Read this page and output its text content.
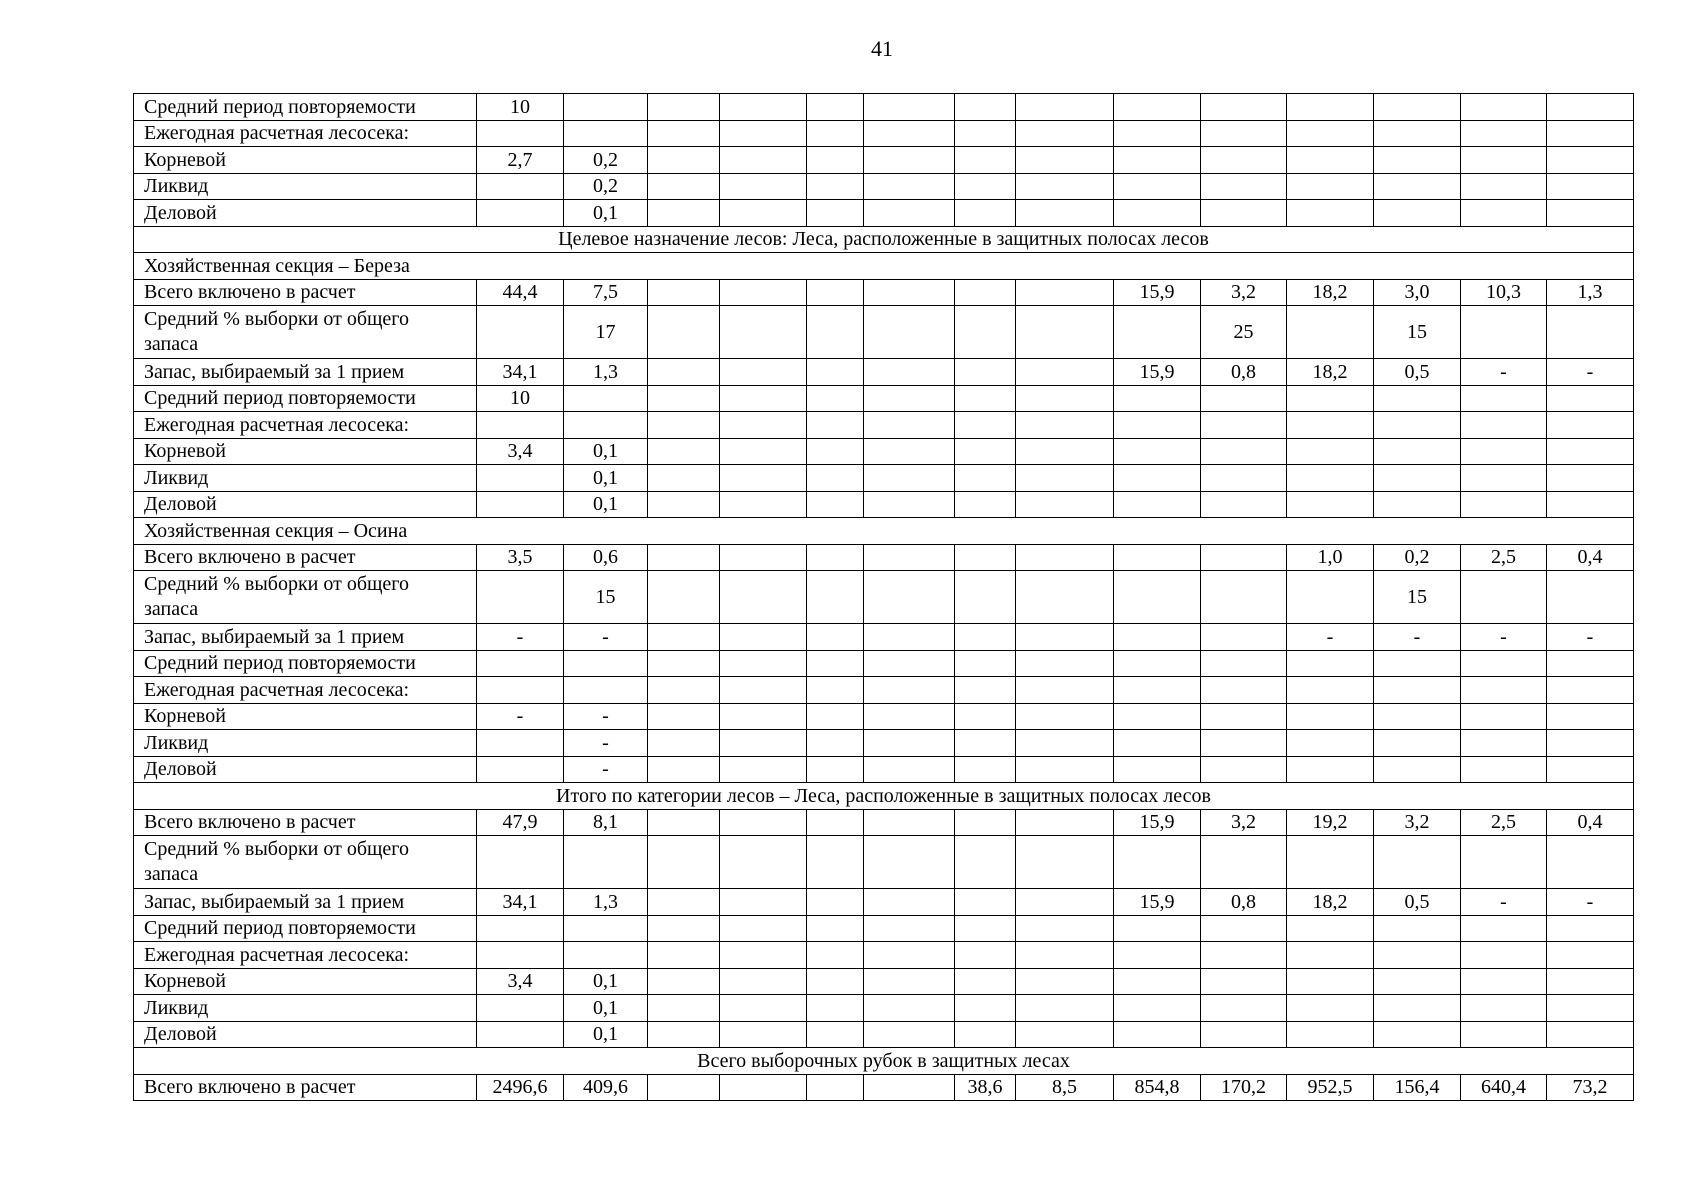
41
Средний период повторяемости	10													
Ежегодная расчетная лесосека:														
Корневой	2,7	0,2												
Ликвид		0,2												
Деловой		0,1												
Целевое назначение лесов: Леса, расположенные в защитных полосах лесов														
Хозяйственная секция – Береза														
Всего включено в расчет	44,4	7,5							15,9	3,2	18,2	3,0	10,3	1,3
Средний % выборки от общего запаса		17								25		15		
Запас, выбираемый за 1 прием	34,1	1,3							15,9	0,8	18,2	0,5	-	-
Средний период повторяемости	10													
Ежегодная расчетная лесосека:														
Корневой	3,4	0,1												
Ликвид		0,1												
Деловой		0,1												
Хозяйственная секция – Осина														
Всего включено в расчет	3,5	0,6									1,0	0,2	2,5	0,4
Средний % выборки от общего запаса		15										15		
Запас, выбираемый за 1 прием	-	-									-	-	-	-
Средний период повторяемости														
Ежегодная расчетная лесосека:														
Корневой	-	-												
Ликвид		-												
Деловой		-												
Итого по категории лесов – Леса, расположенные в защитных полосах лесов														
Всего включено в расчет	47,9	8,1							15,9	3,2	19,2	3,2	2,5	0,4
Средний % выборки от общего запаса														
Запас, выбираемый за 1 прием	34,1	1,3							15,9	0,8	18,2	0,5	-	-
Средний период повторяемости														
Ежегодная расчетная лесосека:														
Корневой	3,4	0,1												
Ликвид		0,1												
Деловой		0,1												
Всего выборочных рубок в защитных лесах														
Всего включено в расчет	2496,6	409,6					38,6	8,5	854,8	170,2	952,5	156,4	640,4	73,2
